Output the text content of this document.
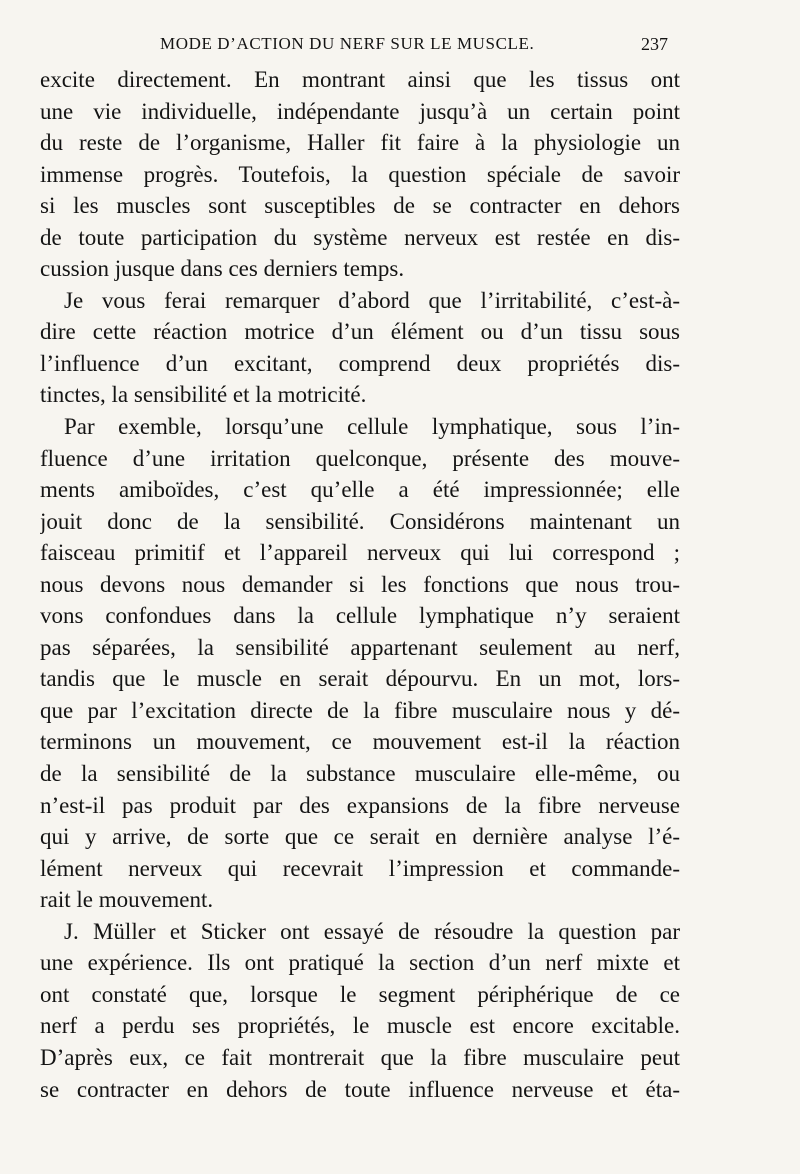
MODE D’ACTION DU NERF SUR LE MUSCLE.	237
excite directement. En montrant ainsi que les tissus ont
une vie individuelle, indépendante jusqu’à un certain point
du reste de l’organisme, Haller fit faire à la physiologie un
immense progrès. Toutefois, la question spéciale de savoir
si les muscles sont susceptibles de se contracter en dehors
de toute participation du système nerveux est restée en dis-
cussion jusque dans ces derniers temps.
Je vous ferai remarquer d’abord que l’irritabilité, c’est-à-
dire cette réaction motrice d’un élément ou d’un tissu sous
l’influence d’un excitant, comprend deux propriétés dis-
tinctes, la sensibilité et la motricité.
Par exemble, lorsqu’une cellule lymphatique, sous l’in-
fluence d’une irritation quelconque, présente des mouve-
ments amiboïdes, c’est qu’elle a été impressionnée; elle
jouit donc de la sensibilité. Considérons maintenant un
faisceau primitif et l’appareil nerveux qui lui correspond ;
nous devons nous demander si les fonctions que nous trou-
vons confondues dans la cellule lymphatique n’y seraient
pas séparées, la sensibilité appartenant seulement au nerf,
tandis que le muscle en serait dépourvu. En un mot, lors-
que par l’excitation directe de la fibre musculaire nous y dé-
terminons un mouvement, ce mouvement est-il la réaction
de la sensibilité de la substance musculaire elle-même, ou
n’est-il pas produit par des expansions de la fibre nerveuse
qui y arrive, de sorte que ce serait en dernière analyse l’é-
lément nerveux qui recevrait l’impression et commande-
rait le mouvement.
J. Müller et Sticker ont essayé de résoudre la question par
une expérience. Ils ont pratiqué la section d’un nerf mixte et
ont constaté que, lorsque le segment périphérique de ce
nerf a perdu ses propriétés, le muscle est encore excitable.
D’après eux, ce fait montrerait que la fibre musculaire peut
se contracter en dehors de toute influence nerveuse et éta-
